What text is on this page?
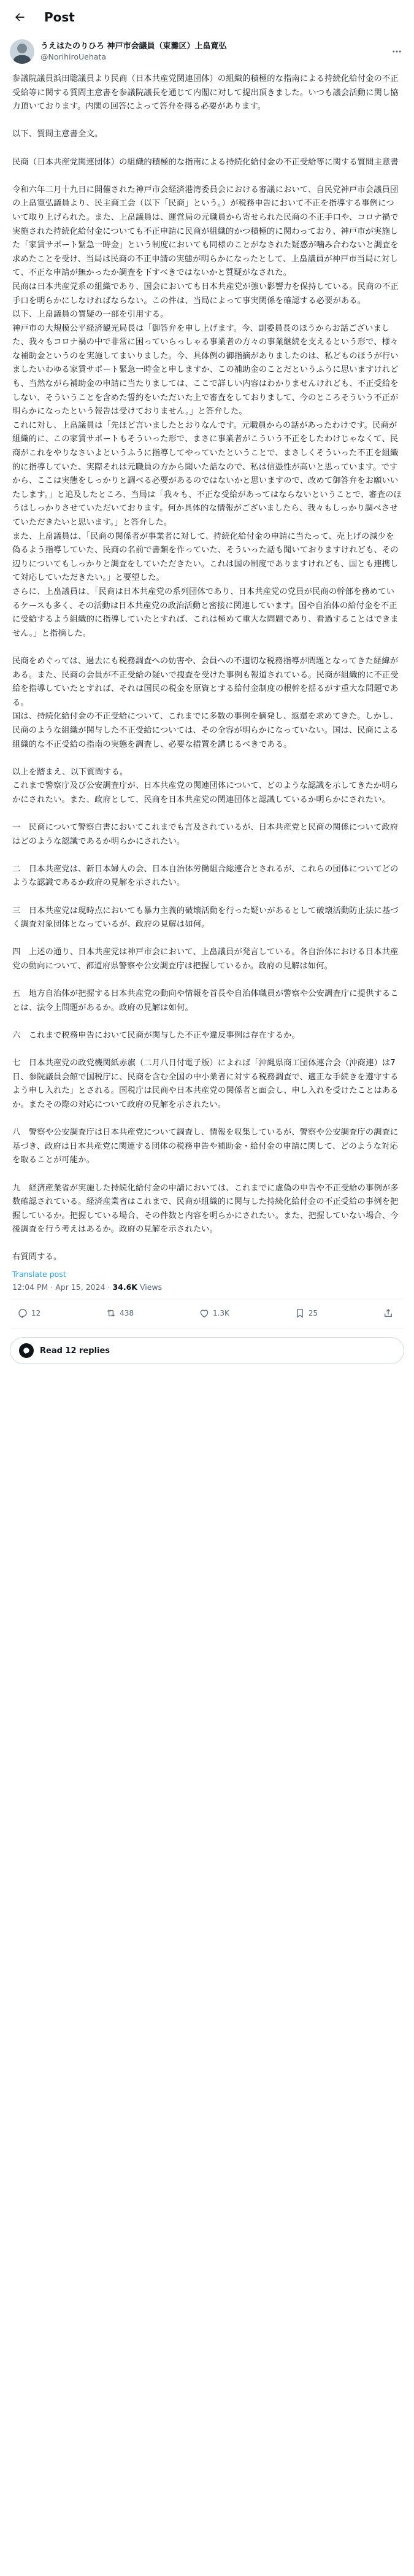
Post
うえはたのりひろ 神戸市会議員（東灘区）上畠寛弘
@NorihiroUehata

参議院議員浜田聡議員より民商（日本共産党関連団体）の組織的積極的な指南による持続化給付金の不正受給等に関する質問主意書を参議院議長を通じて内閣に対して提出頂きました。いつも議会活動に関し協力頂いております。内閣の回答によって答弁を得る必要があります。

以下、質問主意書全文。

民商（日本共産党関連団体）の組織的積極的な指南による持続化給付金の不正受給等に関する質問主意書

令和六年二月十九日に開催された神戸市会経済港湾委員会における審議において、自民党神戸市会議員団の上畠寛弘議員より、民主商工会（以下「民商」という。）が税務申告において不正を指導する事例について取り上げられた。また、上畠議員は、運営局の元職員から寄せられた民商の不正手口や、コロナ禍で実施された持続化給付金についても不正申請に民商が組織的かつ積極的に関わっており、神戸市が実施した「家賃サポート緊急一時金」という制度においても同様のことがなされた疑惑が噛み合わないと調査を求めたことを受け、当局は民商の不正申請の実態が明らかになったとして、上畠議員が神戸市当局に対して、不正な申請が無かったか調査を下すべきではないかと質疑がなされた。

民商は日本共産党系の組織であり、国会においても日本共産党が強い影響力を保持している。民商の不正手口を明らかにしなければならない。この件は、当局によって事実関係を確認する必要がある。

以下、上畠議員の質疑の一部を引用する。

神戸市の大規模公平経済観光局長は「御答弁を申し上げます。今、副委員長のほうからお話ございました、我々もコロナ禍の中で非常に困っていらっしゃる事業者の方々の事業継続を支えるという形で、様々な補助金というのを実施してまいりました。今、具体例の御指摘がありましたのは、私どものほうが行いましたいわゆる家賃サポート緊急一時金と申しますか、この補助金のことだというふうに思いますけれども、当然ながら補助金の申請に当たりましては、ここで詳しい内容はわかりませんけれども、不正受給をしない、そういうことを含めた誓約をいただいた上で審査をしておりまして、今のところそういう不正が明らかになったという報告は受けておりません。」と答弁した。

これに対し、上畠議員は「先ほど言いましたとおりなんです。元職員からの話があったわけです。民商が組織的に、この家賃サポートもそういった形で、まさに事業者がこういう不正をしたわけじゃなくて、民商がこれをやりなさいよというふうに指導してやっていたということで、まさしくそういった不正を組織的に指導していた、実際それは元職員の方から聞いた話なので、私は信憑性が高いと思っています。ですから、ここは実態をしっかりと調べる必要があるのではないかと思いますので、改めて御答弁をお願いいたします。」と追及したところ、当局は「我々も、不正な受給があってはならないということで、審査のほうはしっかりさせていただいております。何か具体的な情報がございましたら、我々もしっかり調べさせていただきたいと思います。」と答弁した。

また、上畠議員は、「民商の関係者が事業者に対して、持続化給付金の申請に当たって、売上げの減少を偽るよう指導していた、民商の名前で書類を作っていた、そういった話も聞いておりますけれども、その辺りについてもしっかりと調査をしていただきたい。これは国の制度でありますけれども、国とも連携して対応していただきたい。」と要望した。

さらに、上畠議員は、「民商は日本共産党の系列団体であり、日本共産党の党員が民商の幹部を務めているケースも多く、その活動は日本共産党の政治活動と密接に関連しています。国や自治体の給付金を不正に受給するよう組織的に指導していたとすれば、これは極めて重大な問題であり、看過することはできません。」と指摘した。

民商をめぐっては、過去にも税務調査への妨害や、会員への不適切な税務指導が問題となってきた経緯がある。また、民商の会員が不正受給の疑いで捜査を受けた事例も報道されている。民商が組織的に不正受給を指導していたとすれば、それは国民の税金を原資とする給付金制度の根幹を揺るがす重大な問題である。

国は、持続化給付金の不正受給について、これまでに多数の事例を摘発し、返還を求めてきた。しかし、民商のような組織が関与した不正受給については、その全容が明らかになっていない。国は、民商による組織的な不正受給の指南の実態を調査し、必要な措置を講じるべきである。

以上を踏まえ、以下質問する。

これまで警察庁及び公安調査庁が、日本共産党の関連団体について、どのような認識を示してきたか明らかにされたい。また、政府として、民商を日本共産党の関連団体と認識しているか明らかにされたい。

一　民商について警察白書においてこれまでも言及されているが、日本共産党と民商の関係について政府はどのような認識であるか明らかにされたい。

二　日本共産党は、新日本婦人の会、日本自治体労働組合総連合とされるが、これらの団体についてどのような認識であるか政府の見解を示されたい。

三　日本共産党は現時点においても暴力主義的破壊活動を行った疑いがあるとして破壊活動防止法に基づく調査対象団体となっているが、政府の見解は如何。

四　上述の通り、日本共産党は神戸市会において、上畠議員が発言している。各自治体における日本共産党の動向について、都道府県警察や公安調査庁は把握しているか。政府の見解は如何。

五　地方自治体が把握する日本共産党の動向や情報を首長や自治体職員が警察や公安調査庁に提供することは、法令上問題があるか。政府の見解は如何。

六　これまで税務申告において民商が関与した不正や違反事例は存在するか。

七　日本共産党の政党機関紙赤旗（二月八日付電子版）によれば「沖縄県商工団体連合会（沖商連）は7日、参院議員会館で国税庁に、民商を含む全国の中小業者に対する税務調査で、適正な手続きを遵守するよう申し入れた」とされる。国税庁は民商や日本共産党の関係者と面会し、申し入れを受けたことはあるか。またその際の対応について政府の見解を示されたい。

八　警察や公安調査庁は日本共産党について調査し、情報を収集しているが、警察や公安調査庁の調査に基づき、政府は日本共産党に関連する団体の税務申告や補助金・給付金の申請に関して、どのような対応を取ることが可能か。

九　経済産業省が実施した持続化給付金の申請においては、これまでに虚偽の申告や不正受給の事例が多数確認されている。経済産業省はこれまで、民商が組織的に関与した持続化給付金の不正受給の事例を把握しているか。把握している場合、その件数と内容を明らかにされたい。また、把握していない場合、今後調査を行う考えはあるか。政府の見解を示されたい。

右質問する。

Translate post
12:04 PM · Apr 15, 2024 · 34.6K Views
12	438	1.3K	25
Read 12 replies
